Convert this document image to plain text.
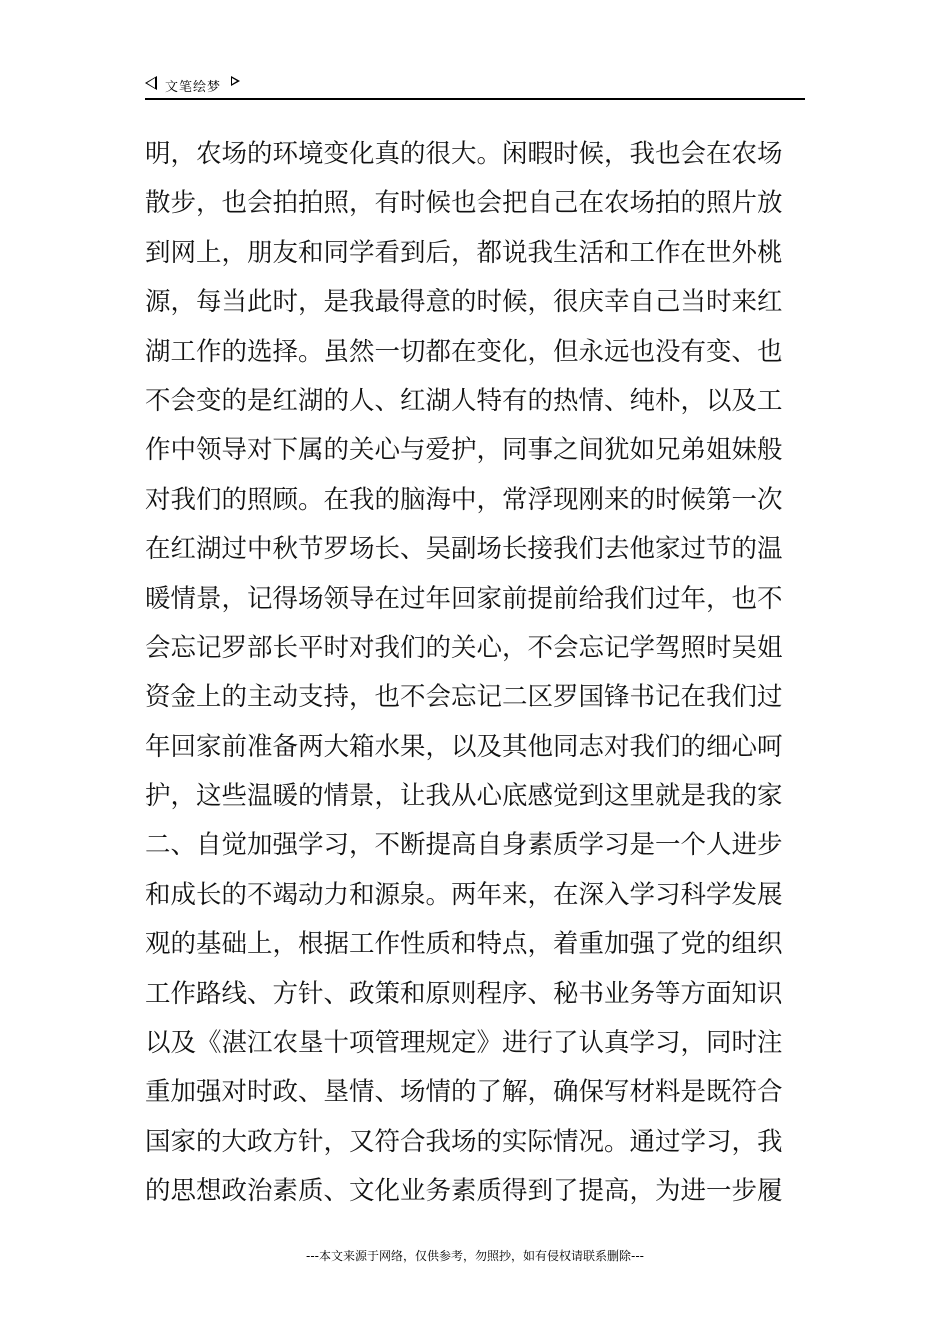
文笔绘梦
明，农场的环境变化真的很大。闲暇时候，我也会在农场
散步，也会拍拍照，有时候也会把自己在农场拍的照片放
到网上，朋友和同学看到后，都说我生活和工作在世外桃
源，每当此时，是我最得意的时候，很庆幸自己当时来红
湖工作的选择。虽然一切都在变化，但永远也没有变、也
不会变的是红湖的人、红湖人特有的热情、纯朴，以及工
作中领导对下属的关心与爱护，同事之间犹如兄弟姐妹般
对我们的照顾。在我的脑海中，常浮现刚来的时候第一次
在红湖过中秋节罗场长、吴副场长接我们去他家过节的温
暖情景，记得场领导在过年回家前提前给我们过年，也不
会忘记罗部长平时对我们的关心，不会忘记学驾照时吴姐
资金上的主动支持，也不会忘记二区罗国锋书记在我们过
年回家前准备两大箱水果，以及其他同志对我们的细心呵
护，这些温暖的情景，让我从心底感觉到这里就是我的家
二、自觉加强学习，不断提高自身素质学习是一个人进步
和成长的不竭动力和源泉。两年来，在深入学习科学发展
观的基础上，根据工作性质和特点，着重加强了党的组织
工作路线、方针、政策和原则程序、秘书业务等方面知识
以及《湛江农垦十项管理规定》进行了认真学习，同时注
重加强对时政、垦情、场情的了解，确保写材料是既符合
国家的大政方针，又符合我场的实际情况。通过学习，我
的思想政治素质、文化业务素质得到了提高，为进一步履
---本文来源于网络，仅供参考，勿照抄，如有侵权请联系删除---
